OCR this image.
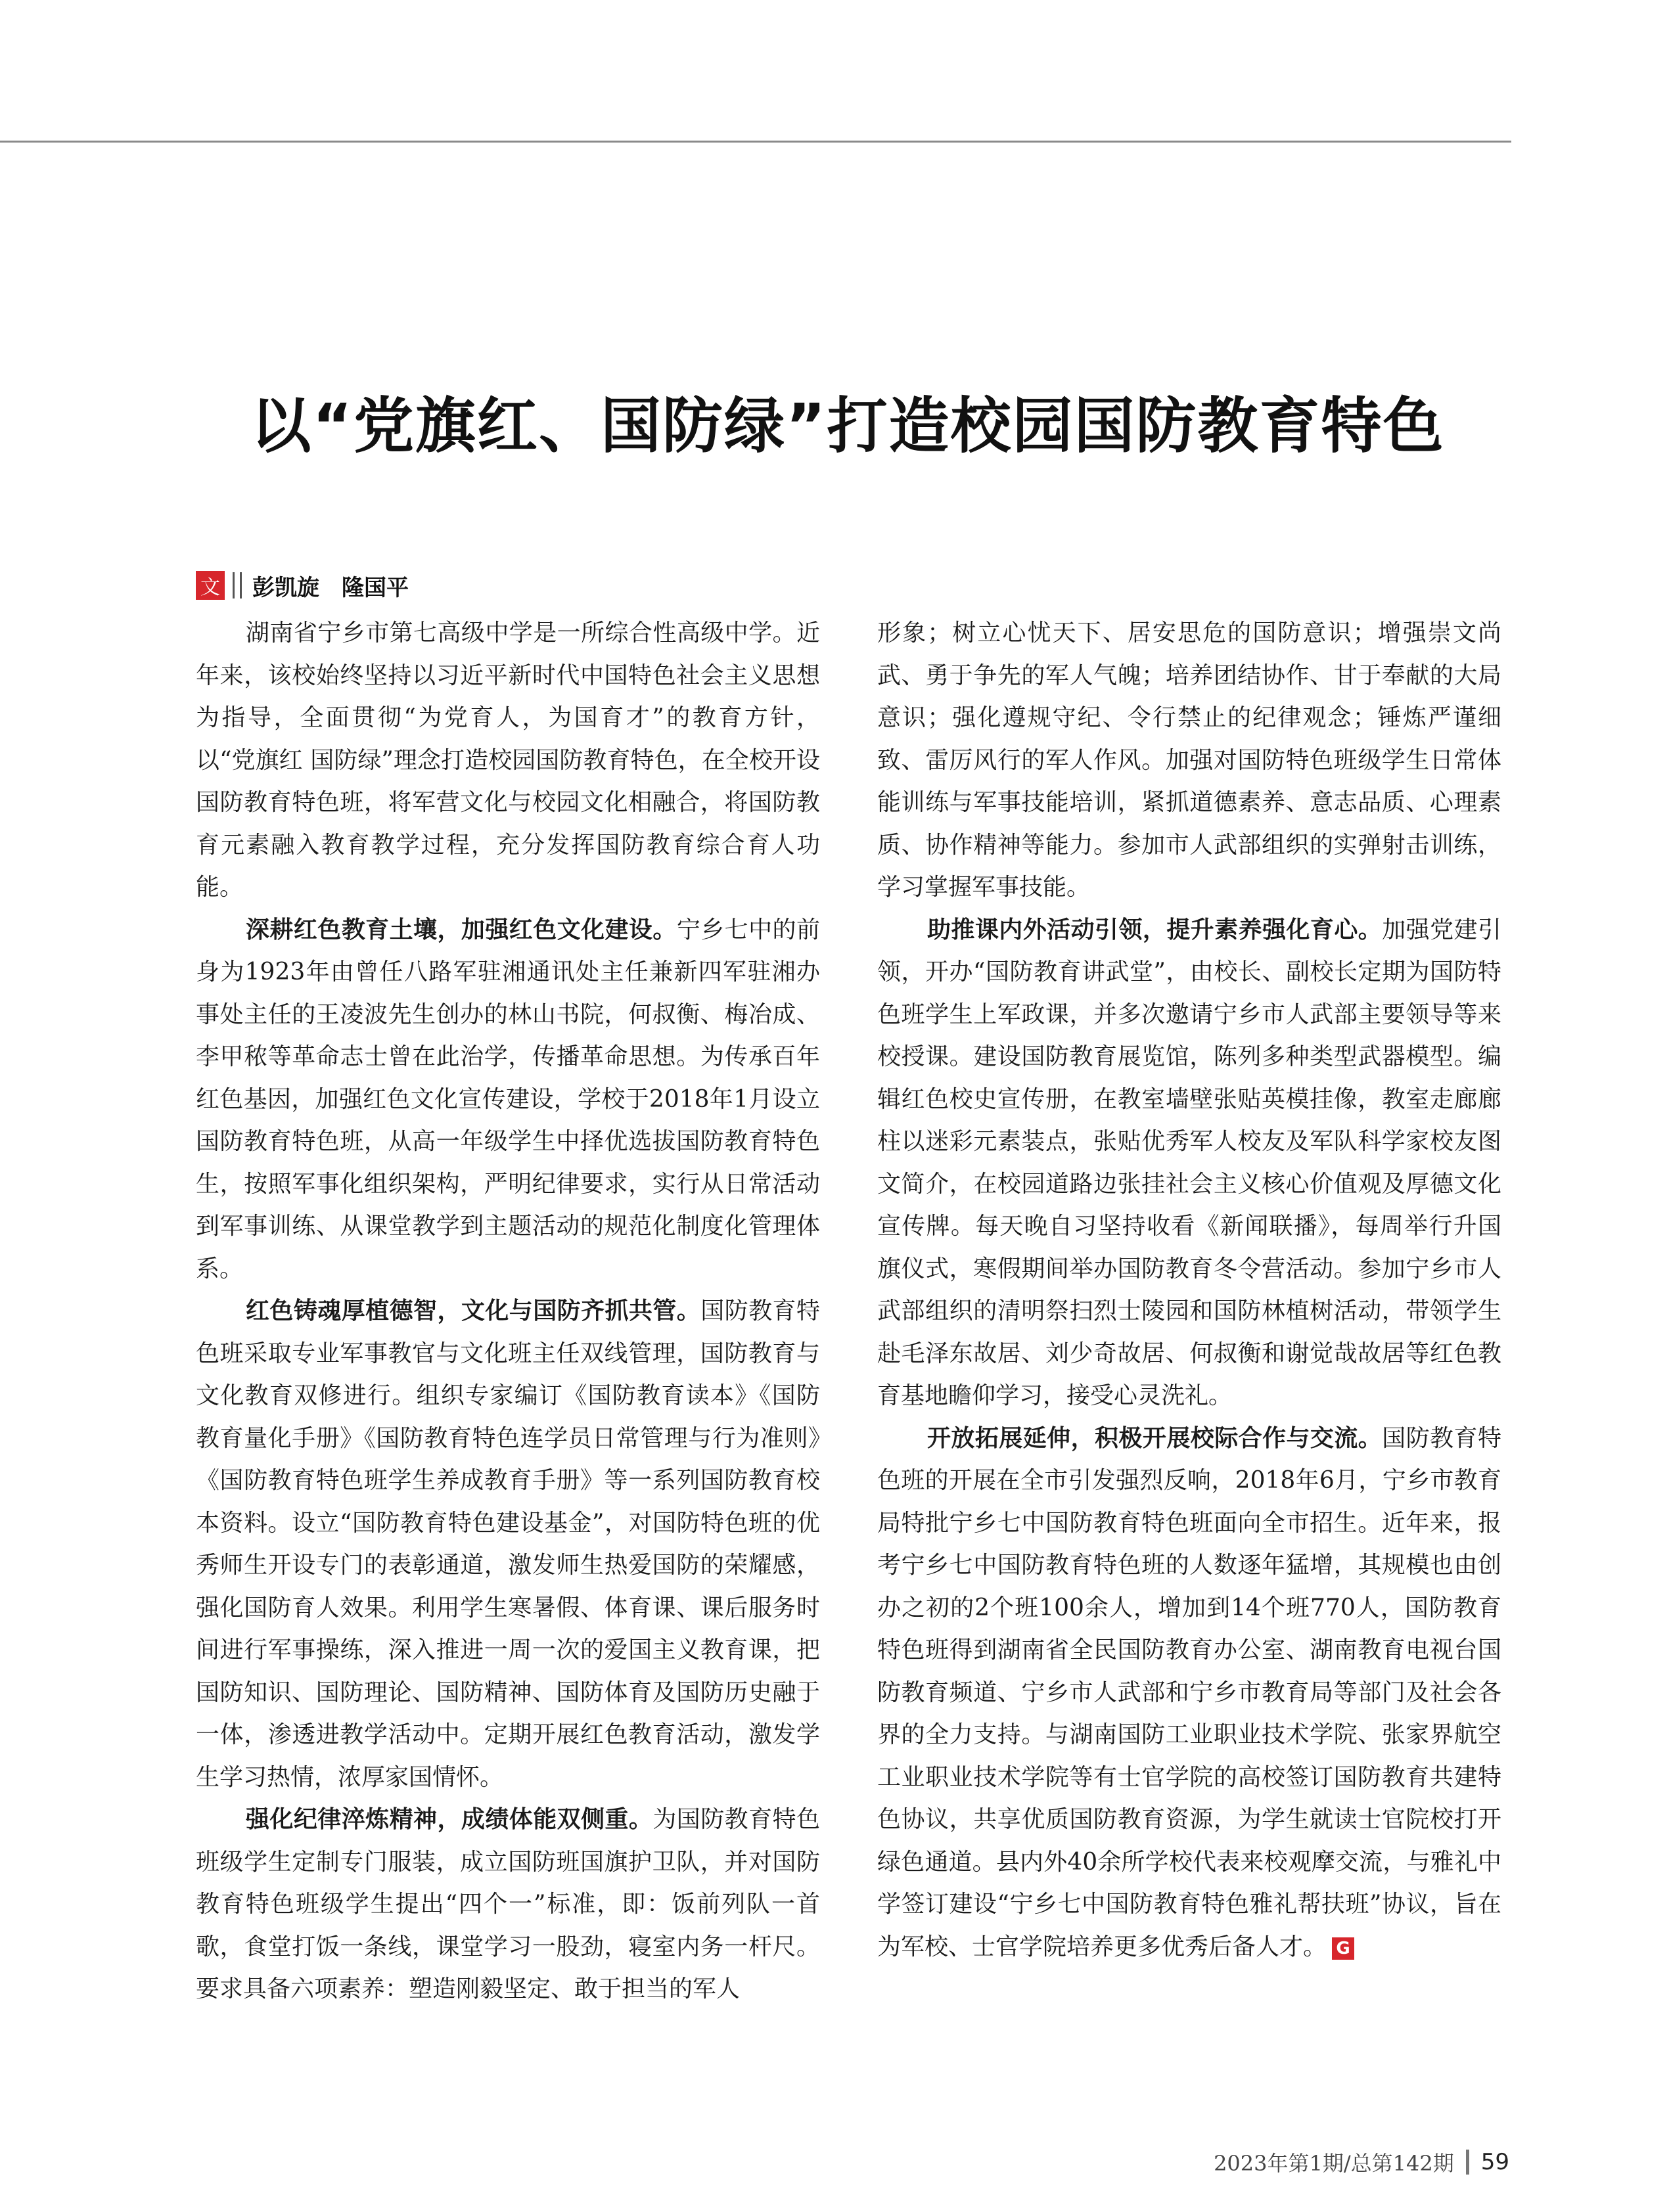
以“党旗红、国防绿”打造校园国防教育特色
文 彭凯旋　隆国平

湖南省宁乡市第七高级中学是一所综合性高级中学。近年来，该校始终坚持以习近平新时代中国特色社会主义思想为指导，全面贯彻“为党育人，为国育才”的教育方针，以“党旗红 国防绿”理念打造校园国防教育特色，在全校开设国防教育特色班，将军营文化与校园文化相融合，将国防教育元素融入教育教学过程，充分发挥国防教育综合育人功能。

深耕红色教育土壤，加强红色文化建设。宁乡七中的前身为1923年由曾任八路军驻湘通讯处主任兼新四军驻湘办事处主任的王凌波先生创办的林山书院，何叔衡、梅冶成、李甲秾等革命志士曾在此治学，传播革命思想。为传承百年红色基因，加强红色文化宣传建设，学校于2018年1月设立国防教育特色班，从高一年级学生中择优选拔国防教育特色生，按照军事化组织架构，严明纪律要求，实行从日常活动到军事训练、从课堂教学到主题活动的规范化制度化管理体系。

红色铸魂厚植德智，文化与国防齐抓共管。国防教育特色班采取专业军事教官与文化班主任双线管理，国防教育与文化教育双修进行。组织专家编订《国防教育读本》《国防教育量化手册》《国防教育特色连学员日常管理与行为准则》《国防教育特色班学生养成教育手册》等一系列国防教育校本资料。设立“国防教育特色建设基金”，对国防特色班的优秀师生开设专门的表彰通道，激发师生热爱国防的荣耀感，强化国防育人效果。利用学生寒暑假、体育课、课后服务时间进行军事操练，深入推进一周一次的爱国主义教育课，把国防知识、国防理论、国防精神、国防体育及国防历史融于一体，渗透进教学活动中。定期开展红色教育活动，激发学生学习热情，浓厚家国情怀。

强化纪律淬炼精神，成绩体能双侧重。为国防教育特色班级学生定制专门服装，成立国防班国旗护卫队，并对国防教育特色班级学生提出“四个一”标准，即：饭前列队一首歌，食堂打饭一条线，课堂学习一股劲，寝室内务一杆尺。要求具备六项素养：塑造刚毅坚定、敢于担当的军人

形象；树立心忧天下、居安思危的国防意识；增强崇文尚武、勇于争先的军人气魄；培养团结协作、甘于奉献的大局意识；强化遵规守纪、令行禁止的纪律观念；锤炼严谨细致、雷厉风行的军人作风。加强对国防特色班级学生日常体能训练与军事技能培训，紧抓道德素养、意志品质、心理素质、协作精神等能力。参加市人武部组织的实弹射击训练，学习掌握军事技能。

助推课内外活动引领，提升素养强化育心。加强党建引领，开办“国防教育讲武堂”，由校长、副校长定期为国防特色班学生上军政课，并多次邀请宁乡市人武部主要领导等来校授课。建设国防教育展览馆，陈列多种类型武器模型。编辑红色校史宣传册，在教室墙壁张贴英模挂像，教室走廊廊柱以迷彩元素装点，张贴优秀军人校友及军队科学家校友图文简介，在校园道路边张挂社会主义核心价值观及厚德文化宣传牌。每天晚自习坚持收看《新闻联播》，每周举行升国旗仪式，寒假期间举办国防教育冬令营活动。参加宁乡市人武部组织的清明祭扫烈士陵园和国防林植树活动，带领学生赴毛泽东故居、刘少奇故居、何叔衡和谢觉哉故居等红色教育基地瞻仰学习，接受心灵洗礼。

开放拓展延伸，积极开展校际合作与交流。国防教育特色班的开展在全市引发强烈反响，2018年6月，宁乡市教育局特批宁乡七中国防教育特色班面向全市招生。近年来，报考宁乡七中国防教育特色班的人数逐年猛增，其规模也由创办之初的2个班100余人，增加到14个班770人，国防教育特色班得到湖南省全民国防教育办公室、湖南教育电视台国防教育频道、宁乡市人武部和宁乡市教育局等部门及社会各界的全力支持。与湖南国防工业职业技术学院、张家界航空工业职业技术学院等有士官学院的高校签订国防教育共建特色协议，共享优质国防教育资源，为学生就读士官院校打开绿色通道。县内外40余所学校代表来校观摩交流，与雅礼中学签订建设“宁乡七中国防教育特色雅礼帮扶班”协议，旨在为军校、士官学院培养更多优秀后备人才。 G

2023年第1期/总第142期 59
